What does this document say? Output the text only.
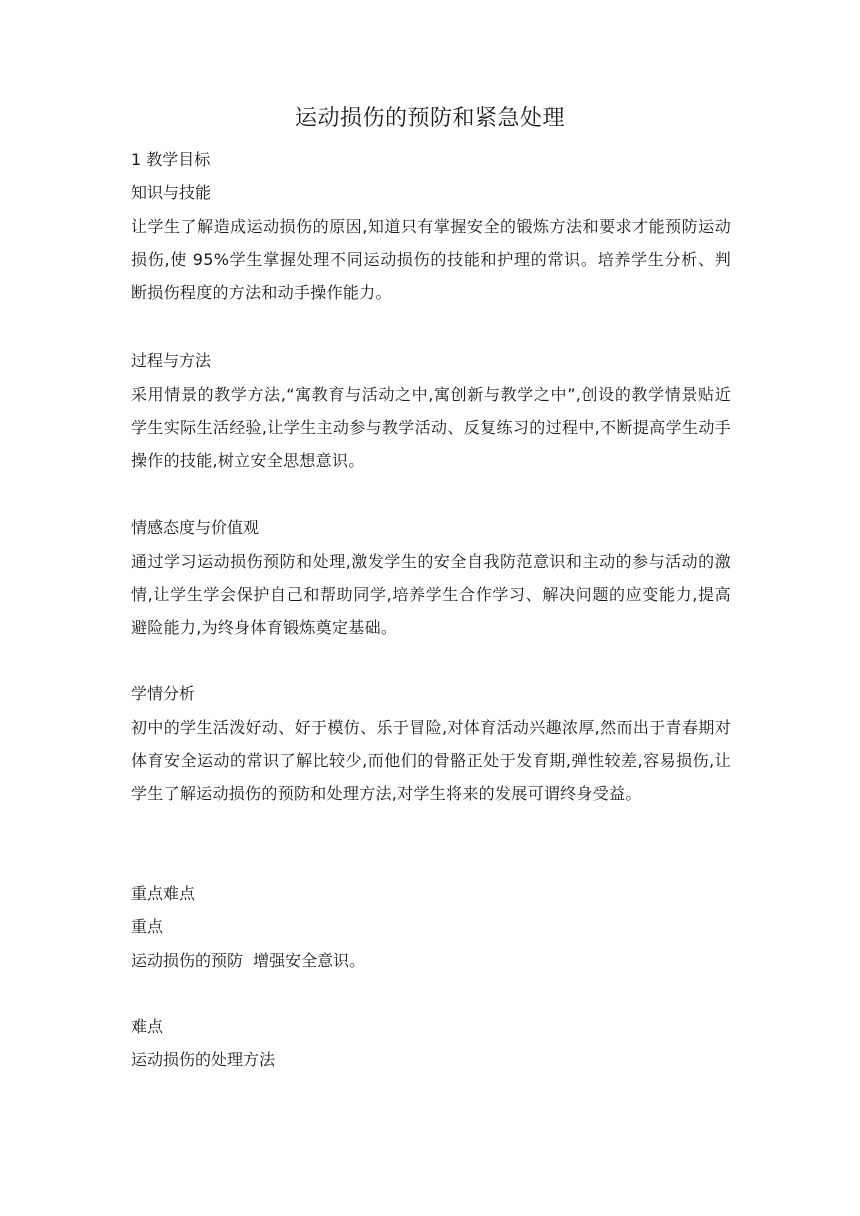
运动损伤的预防和紧急处理
1 教学目标
知识与技能
让学生了解造成运动损伤的原因,知道只有掌握安全的锻炼方法和要求才能预防运动损伤,使 95%学生掌握处理不同运动损伤的技能和护理的常识。培养学生分析、判断损伤程度的方法和动手操作能力。
过程与方法
采用情景的教学方法,“寓教育与活动之中,寓创新与教学之中”,创设的教学情景贴近学生实际生活经验,让学生主动参与教学活动、反复练习的过程中,不断提高学生动手操作的技能,树立安全思想意识。
情感态度与价值观
通过学习运动损伤预防和处理,激发学生的安全自我防范意识和主动的参与活动的激情,让学生学会保护自己和帮助同学,培养学生合作学习、解决问题的应变能力,提高避险能力,为终身体育锻炼奠定基础。
学情分析
初中的学生活泼好动、好于模仿、乐于冒险,对体育活动兴趣浓厚,然而出于青春期对体育安全运动的常识了解比较少,而他们的骨骼正处于发育期,弹性较差,容易损伤,让学生了解运动损伤的预防和处理方法,对学生将来的发展可谓终身受益。
重点难点
重点
运动损伤的预防  增强安全意识。
难点
运动损伤的处理方法
